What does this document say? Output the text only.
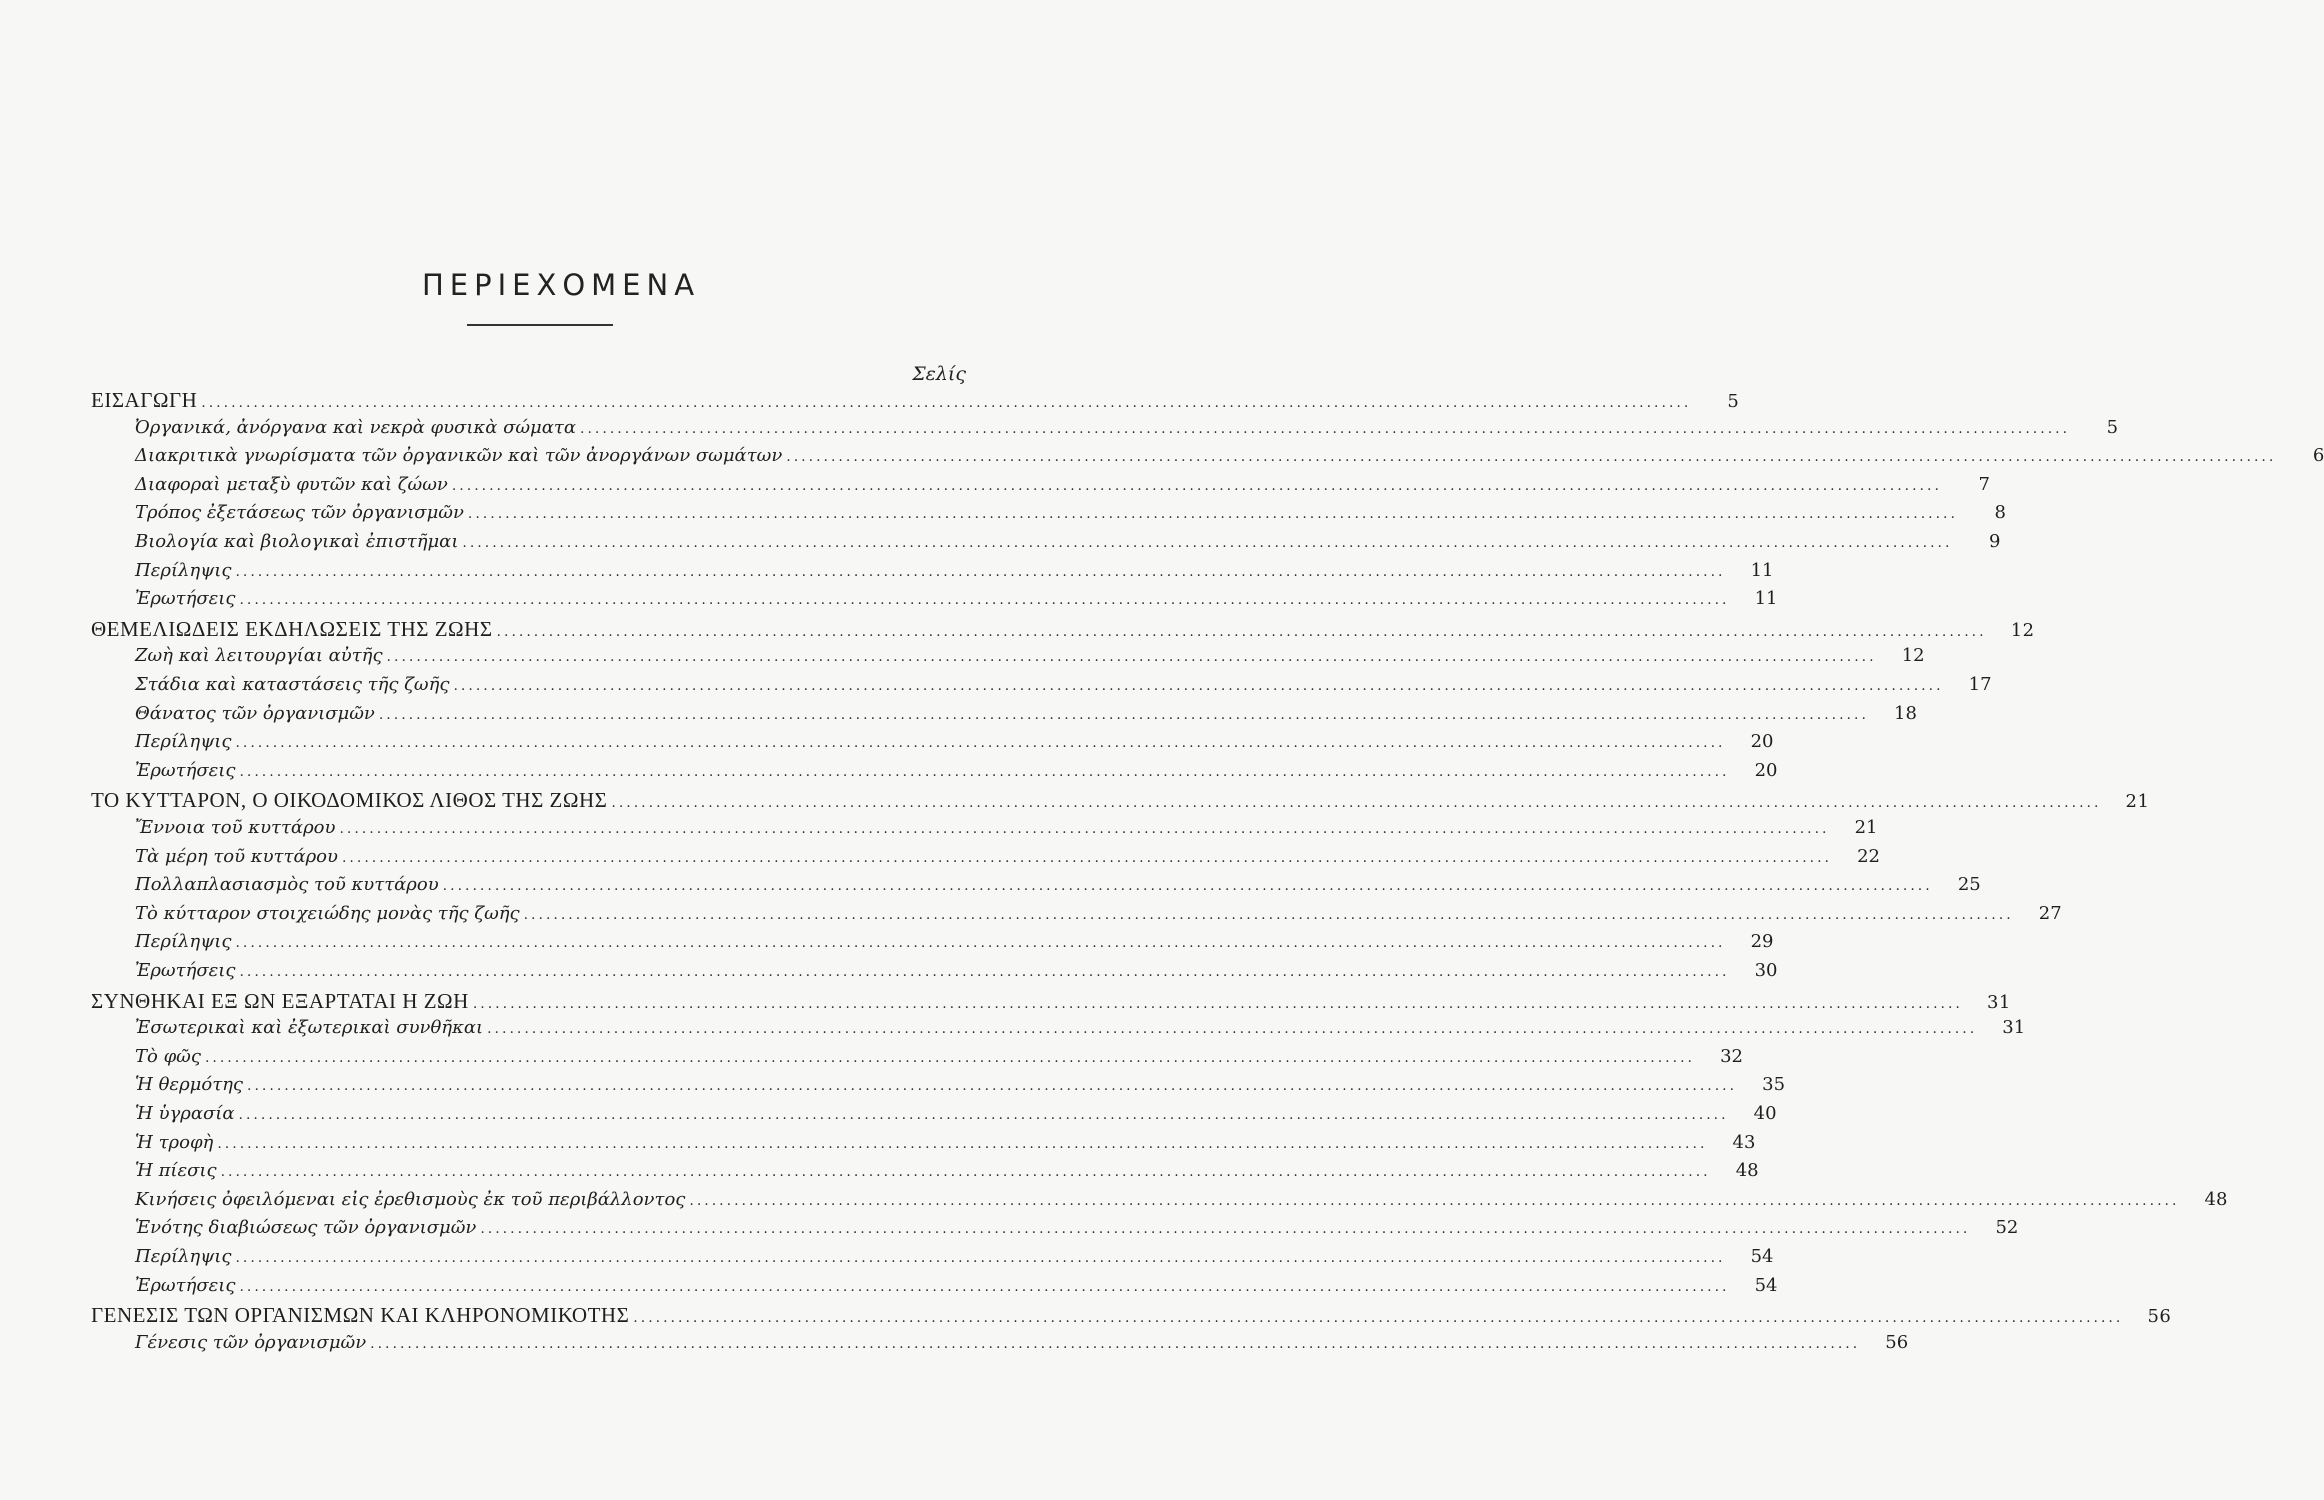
ΠΕΡΙΕΧΟΜΕΝΑ
Σελίς
ΕΙΣΑΓΩΓΗ ........................................................................................................................................................................................................	5
Ὀργανικά, ἀνόργανα καὶ νεκρὰ φυσικὰ σώματα ........................................................................................................................................................................................................	5
Διακριτικὰ γνωρίσματα τῶν ὀργανικῶν καὶ τῶν ἀνοργάνων σωμάτων ........................................................................................................................................................................................................	6
Διαφοραὶ μεταξὺ φυτῶν καὶ ζώων ........................................................................................................................................................................................................	7
Τρόπος ἐξετάσεως τῶν ὀργανισμῶν ........................................................................................................................................................................................................	8
Βιολογία καὶ βιολογικαὶ ἐπιστῆμαι ........................................................................................................................................................................................................	9
Περίληψις ........................................................................................................................................................................................................	11
Ἐρωτήσεις ........................................................................................................................................................................................................	11
ΘΕΜΕΛΙΩΔΕΙΣ ΕΚΔΗΛΩΣΕΙΣ ΤΗΣ ΖΩΗΣ ........................................................................................................................................................................................................	12
Ζωὴ καὶ λειτουργίαι αὐτῆς ........................................................................................................................................................................................................	12
Στάδια καὶ καταστάσεις τῆς ζωῆς ........................................................................................................................................................................................................	17
Θάνατος τῶν ὀργανισμῶν ........................................................................................................................................................................................................	18
Περίληψις ........................................................................................................................................................................................................	20
Ἐρωτήσεις ........................................................................................................................................................................................................	20
ΤΟ ΚΥΤΤΑΡΟΝ, Ο ΟΙΚΟΔΟΜΙΚΟΣ ΛΙΘΟΣ ΤΗΣ ΖΩΗΣ ........................................................................................................................................................................................................	21
Ἔννοια τοῦ κυττάρου ........................................................................................................................................................................................................	21
Τὰ μέρη τοῦ κυττάρου ........................................................................................................................................................................................................	22
Πολλαπλασιασμὸς τοῦ κυττάρου ........................................................................................................................................................................................................	25
Τὸ κύτταρον στοιχειώδης μονὰς τῆς ζωῆς ........................................................................................................................................................................................................	27
Περίληψις ........................................................................................................................................................................................................	29
Ἐρωτήσεις ........................................................................................................................................................................................................	30
ΣΥΝΘΗΚΑΙ ΕΞ ΩΝ ΕΞΑΡΤΑΤΑΙ Η ΖΩΗ ........................................................................................................................................................................................................	31
Ἐσωτερικαὶ καὶ ἐξωτερικαὶ συνθῆκαι ........................................................................................................................................................................................................	31
Τὸ φῶς ........................................................................................................................................................................................................	32
Ἡ θερμότης ........................................................................................................................................................................................................	35
Ἡ ὑγρασία ........................................................................................................................................................................................................	40
Ἡ τροφὴ ........................................................................................................................................................................................................	43
Ἡ πίεσις ........................................................................................................................................................................................................	48
Κινήσεις ὀφειλόμεναι εἰς ἐρεθισμοὺς ἐκ τοῦ περιβάλλοντος ........................................................................................................................................................................................................	48
Ἑνότης διαβιώσεως τῶν ὀργανισμῶν ........................................................................................................................................................................................................	52
Περίληψις ........................................................................................................................................................................................................	54
Ἐρωτήσεις ........................................................................................................................................................................................................	54
ΓΕΝΕΣΙΣ ΤΩΝ ΟΡΓΑΝΙΣΜΩΝ ΚΑΙ ΚΛΗΡΟΝΟΜΙΚΟΤΗΣ ........................................................................................................................................................................................................	56
Γένεσις τῶν ὀργανισμῶν ........................................................................................................................................................................................................	56
